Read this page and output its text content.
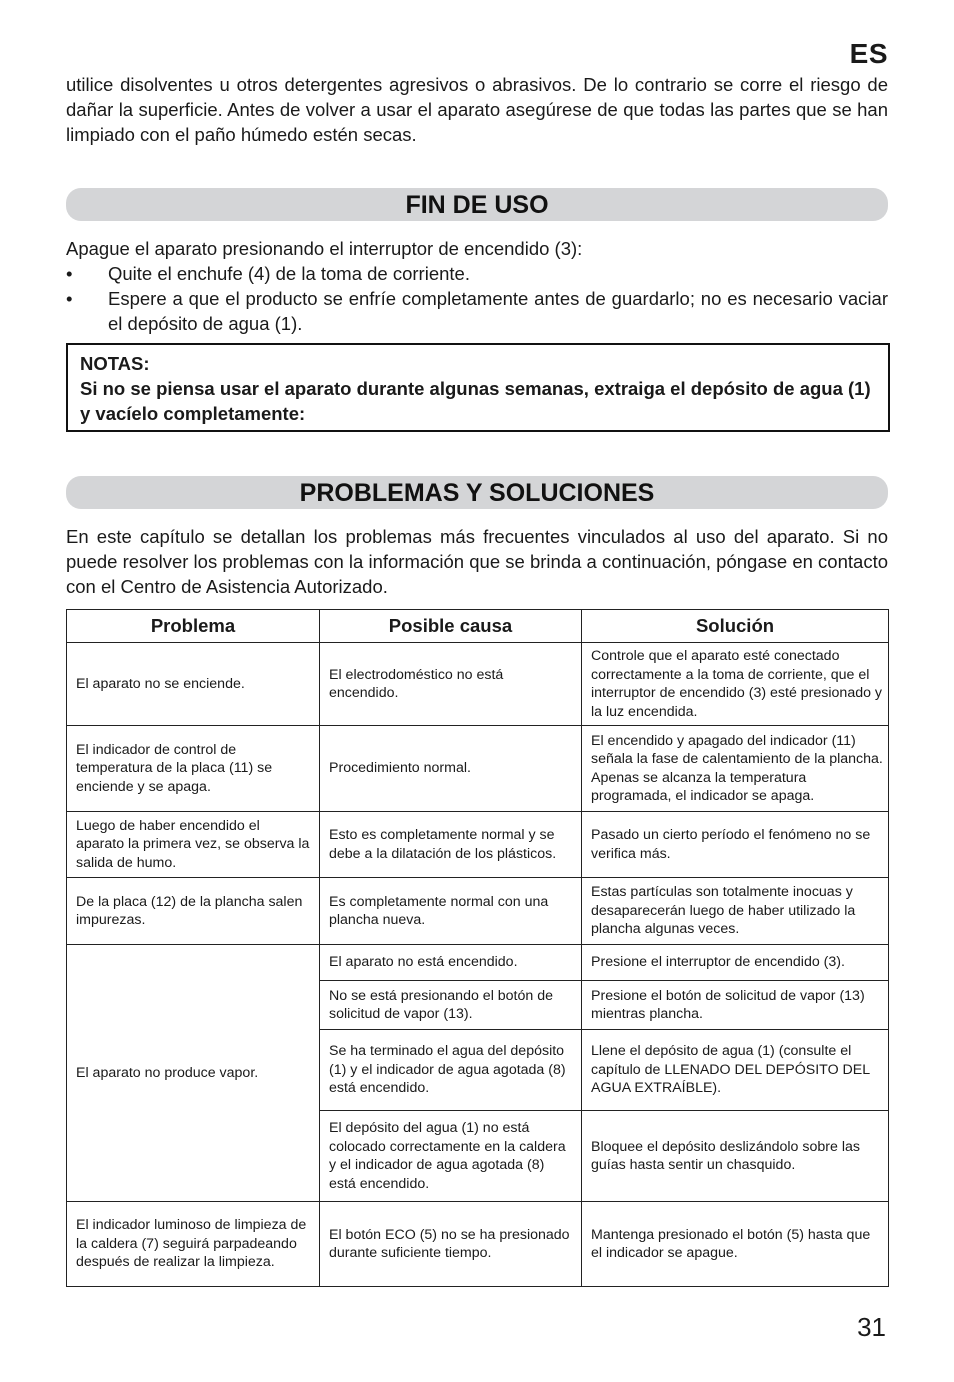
ES

utilice disolventes u otros detergentes agresivos o abrasivos. De lo contrario se corre el riesgo de dañar la superficie. Antes de volver a usar el aparato asegúrese de que todas las partes que se han limpiado con el paño húmedo estén secas.

FIN DE USO

Apague el aparato presionando el interruptor de encendido (3):

• Quite el enchufe (4) de la toma de corriente.
• Espere a que el producto se enfríe completamente antes de guardarlo; no es necesario vaciar el depósito de agua (1).
NOTAS:
Si no se piensa usar el aparato durante algunas semanas, extraiga el depósito de agua (1) y vacíelo completamente:
PROBLEMAS Y SOLUCIONES

En este capítulo se detallan los problemas más frecuentes vinculados al uso del aparato. Si no puede resolver los problemas con la información que se brinda a continuación, póngase en contacto con el Centro de Asistencia Autorizado.

Problema	Posible causa	Solución
El aparato no se enciende.	El electrodoméstico no está encendido.	Controle que el aparato esté conectado correctamente a la toma de corriente, que el interruptor de encendido (3) esté presionado y la luz encendida.
El indicador de control de temperatura de la placa (11) se enciende y se apaga.	Procedimiento normal.	El encendido y apagado del indicador (11) señala la fase de calentamiento de la plancha. Apenas se alcanza la temperatura programada, el indicador se apaga.
Luego de haber encendido el aparato la primera vez, se observa la salida de humo.	Esto es completamente normal y se debe a la dilatación de los plásticos.	Pasado un cierto período el fenómeno no se verifica más.
De la placa (12) de la plancha salen impurezas.	Es completamente normal con una plancha nueva.	Estas partículas son totalmente inocuas y desaparecerán luego de haber utilizado la plancha algunas veces.
El aparato no produce vapor.	El aparato no está encendido.	Presione el interruptor de encendido (3).
	No se está presionando el botón de solicitud de vapor (13).	Presione el botón de solicitud de vapor (13) mientras plancha.
	Se ha terminado el agua del depósito (1) y el indicador de agua agotada (8) está encendido.	Llene el depósito de agua (1) (consulte el capítulo de LLENADO DEL DEPÓSITO DEL AGUA EXTRAÍBLE).
	El depósito del agua (1) no está colocado correctamente en la caldera y el indicador de agua agotada (8) está encendido.	Bloquee el depósito deslizándolo sobre las guías hasta sentir un chasquido.
El indicador luminoso de limpieza de la caldera (7) seguirá parpadeando después de realizar la limpieza.	El botón ECO (5) no se ha presionado durante suficiente tiempo.	Mantenga presionado el botón (5) hasta que el indicador se apague.
31
